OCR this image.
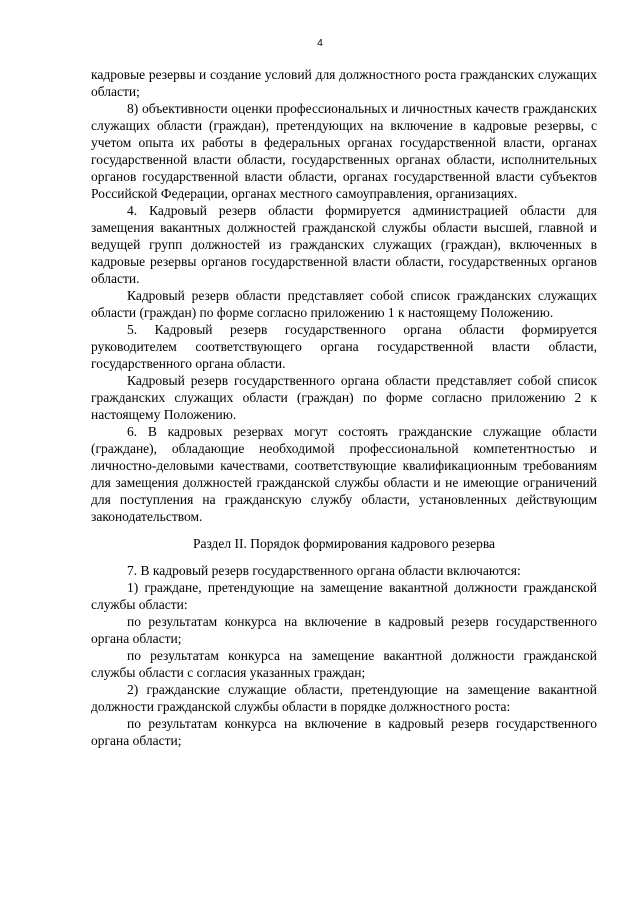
4

кадровые резервы и создание условий для должностного роста гражданских служащих области;

8) объективности оценки профессиональных и личностных качеств гражданских служащих области (граждан), претендующих на включение в кадровые резервы, с учетом опыта их работы в федеральных органах государственной власти, органах государственной власти области, государственных органах области, исполнительных органов государственной власти области, органах государственной власти субъектов Российской Федерации, органах местного самоуправления, организациях.

4. Кадровый резерв области формируется администрацией области для замещения вакантных должностей гражданской службы области высшей, главной и ведущей групп должностей из гражданских служащих (граждан), включенных в кадровые резервы органов государственной власти области, государственных органов области.

Кадровый резерв области представляет собой список гражданских служащих области (граждан) по форме согласно приложению 1 к настоящему Положению.

5. Кадровый резерв государственного органа области формируется руководителем соответствующего органа государственной власти области, государственного органа области.

Кадровый резерв государственного органа области представляет собой список гражданских служащих области (граждан) по форме согласно приложению 2 к настоящему Положению.

6. В кадровых резервах могут состоять гражданские служащие области (граждане), обладающие необходимой профессиональной компетентностью и личностно-деловыми качествами, соответствующие квалификационным требованиям для замещения должностей гражданской службы области и не имеющие ограничений для поступления на гражданскую службу области, установленных действующим законодательством.

Раздел II. Порядок формирования кадрового резерва

7. В кадровый резерв государственного органа области включаются:

1) граждане, претендующие на замещение вакантной должности гражданской службы области:

по результатам конкурса на включение в кадровый резерв государственного органа области;

по результатам конкурса на замещение вакантной должности гражданской службы области с согласия указанных граждан;

2) гражданские служащие области, претендующие на замещение вакантной должности гражданской службы области в порядке должностного роста:

по результатам конкурса на включение в кадровый резерв государственного органа области;
